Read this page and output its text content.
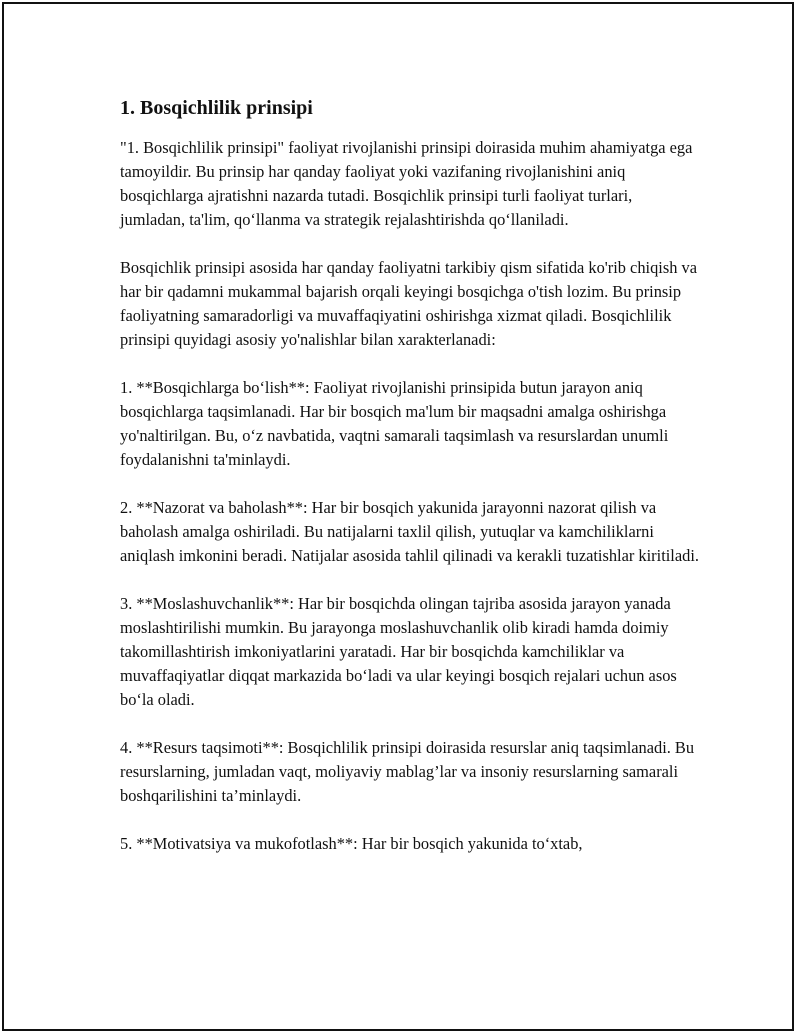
1. Bosqichlilik prinsipi

"1. Bosqichlilik prinsipi" faoliyat rivojlanishi prinsipi doirasida muhim ahamiyatga ega tamoyildir. Bu prinsip har qanday faoliyat yoki vazifaning rivojlanishini aniq bosqichlarga ajratishni nazarda tutadi. Bosqichlik prinsipi turli faoliyat turlari, jumladan, ta'lim, qo‘llanma va strategik rejalashtirishda qo‘llaniladi.

Bosqichlik prinsipi asosida har qanday faoliyatni tarkibiy qism sifatida ko'rib chiqish va har bir qadamni mukammal bajarish orqali keyingi bosqichga o'tish lozim. Bu prinsip faoliyatning samaradorligi va muvaffaqiyatini oshirishga xizmat qiladi. Bosqichlilik prinsipi quyidagi asosiy yo'nalishlar bilan xarakterlanadi:

1. **Bosqichlarga bo‘lish**: Faoliyat rivojlanishi prinsipida butun jarayon aniq bosqichlarga taqsimlanadi. Har bir bosqich ma'lum bir maqsadni amalga oshirishga yo'naltirilgan. Bu, o‘z navbatida, vaqtni samarali taqsimlash va resurslardan unumli foydalanishni ta'minlaydi.

2. **Nazorat va baholash**: Har bir bosqich yakunida jarayonni nazorat qilish va baholash amalga oshiriladi. Bu natijalarni taxlil qilish, yutuqlar va kamchiliklarni aniqlash imkonini beradi. Natijalar asosida tahlil qilinadi va kerakli tuzatishlar kiritiladi.

3. **Moslashuvchanlik**: Har bir bosqichda olingan tajriba asosida jarayon yanada moslashtirilishi mumkin. Bu jarayonga moslashuvchanlik olib kiradi hamda doimiy takomillashtirish imkoniyatlarini yaratadi. Har bir bosqichda kamchiliklar va muvaffaqiyatlar diqqat markazida bo‘ladi va ular keyingi bosqich rejalari uchun asos bo‘la oladi.

4. **Resurs taqsimoti**: Bosqichlilik prinsipi doirasida resurslar aniq taqsimlanadi. Bu resurslarning, jumladan vaqt, moliyaviy mablag’lar va insoniy resurslarning samarali boshqarilishini ta’minlaydi.

5. **Motivatsiya va mukofotlash**: Har bir bosqich yakunida to‘xtab,
